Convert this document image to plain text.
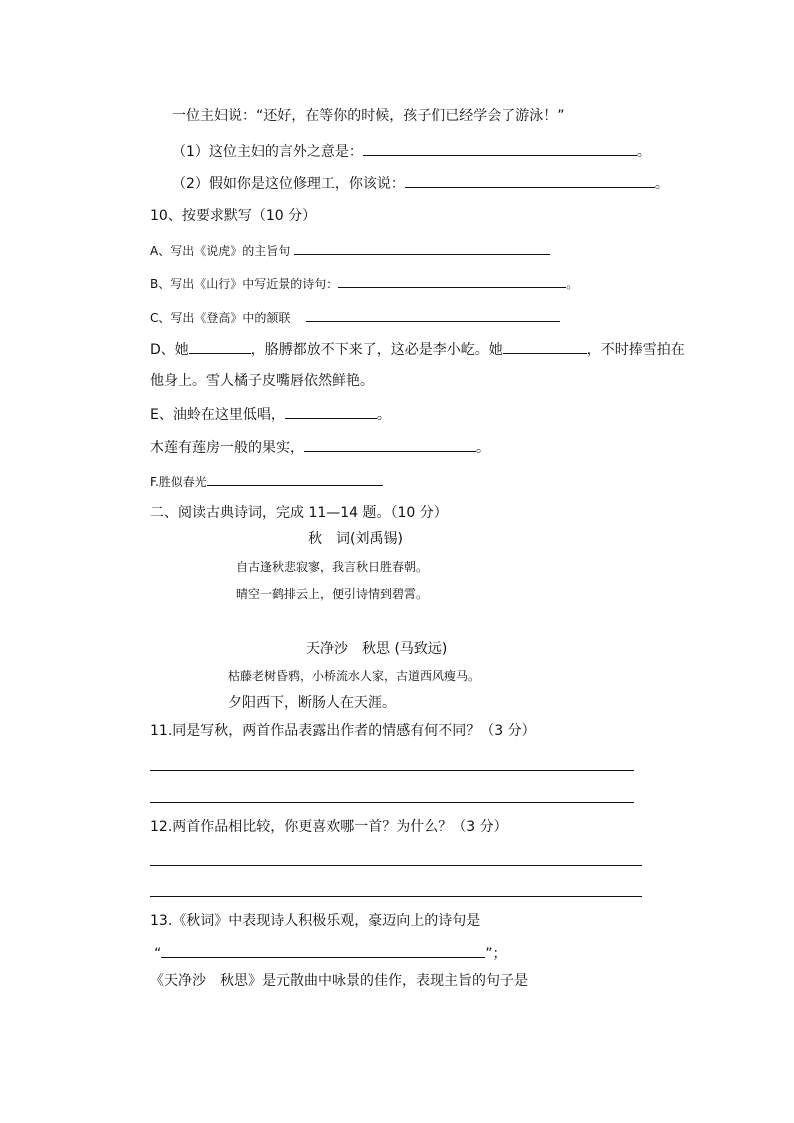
一位主妇说：“还好，在等你的时候，孩子们已经学会了游泳！”
（1）这位主妇的言外之意是：	。
（2）假如你是这位修理工，你该说：	。
10、按要求默写（10 分）
A、写出《说虎》的主旨句
B、写出《山行》中写近景的诗句：	。
C、写出《登高》中的颔联
D、她	，胳膊都放不下来了，这必是李小屹。她	，不时捧雪拍在
他身上。雪人橘子皮嘴唇依然鲜艳。
E、油蛉在这里低唱，	。
木莲有莲房一般的果实，	。
F.胜似春光
二、阅读古典诗词，完成 11—14 题。（10 分）
秋　词(刘禹锡)
自古逢秋悲寂寥，我言秋日胜春朝。
晴空一鹤排云上，便引诗情到碧霄。
天净沙　秋思 (马致远)
枯藤老树昏鸦，小桥流水人家，古道西风瘦马。
夕阳西下，断肠人在天涯。
11.同是写秋，两首作品表露出作者的情感有何不同？（3 分）
12.两首作品相比较，你更喜欢哪一首？为什么？（3 分）
13.《秋词》中表现诗人积极乐观，豪迈向上的诗句是
“	”；
《天净沙　秋思》是元散曲中咏景的佳作，表现主旨的句子是
